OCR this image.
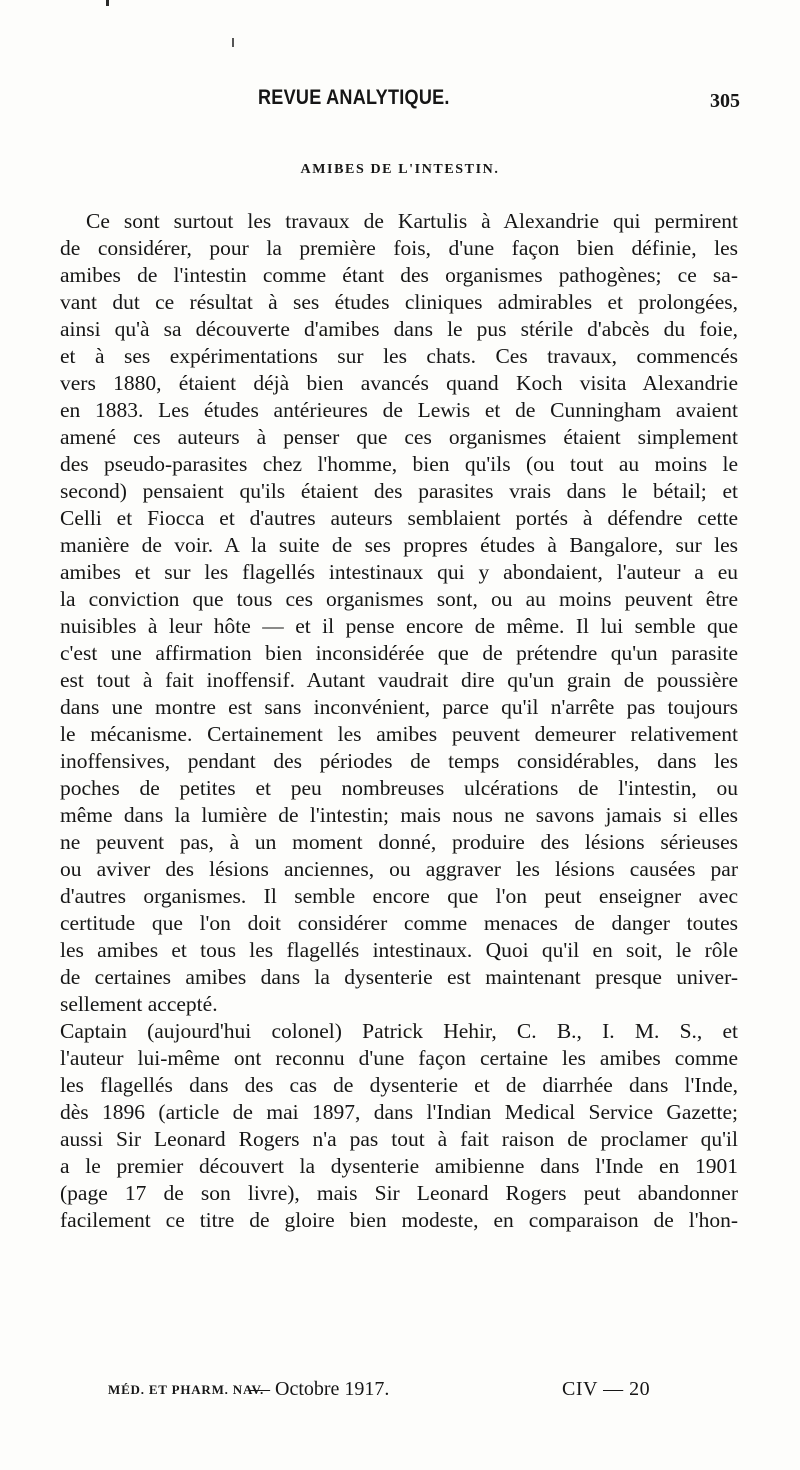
REVUE ANALYTIQUE.	305
AMIBES DE L'INTESTIN.

Ce sont surtout les travaux de Kartulis à Alexandrie qui permirent
de considérer, pour la première fois, d'une façon bien définie, les
amibes de l'intestin comme étant des organismes pathogènes; ce sa-
vant dut ce résultat à ses études cliniques admirables et prolongées,
ainsi qu'à sa découverte d'amibes dans le pus stérile d'abcès du foie,
et à ses expérimentations sur les chats. Ces travaux, commencés
vers 1880, étaient déjà bien avancés quand Koch visita Alexandrie
en 1883. Les études antérieures de Lewis et de Cunningham avaient
amené ces auteurs à penser que ces organismes étaient simplement
des pseudo-parasites chez l'homme, bien qu'ils (ou tout au moins le
second) pensaient qu'ils étaient des parasites vrais dans le bétail; et
Celli et Fiocca et d'autres auteurs semblaient portés à défendre cette
manière de voir. A la suite de ses propres études à Bangalore, sur les
amibes et sur les flagellés intestinaux qui y abondaient, l'auteur a eu
la conviction que tous ces organismes sont, ou au moins peuvent être
nuisibles à leur hôte — et il pense encore de même. Il lui semble que
c'est une affirmation bien inconsidérée que de prétendre qu'un parasite
est tout à fait inoffensif. Autant vaudrait dire qu'un grain de poussière
dans une montre est sans inconvénient, parce qu'il n'arrête pas toujours
le mécanisme. Certainement les amibes peuvent demeurer relativement
inoffensives, pendant des périodes de temps considérables, dans les
poches de petites et peu nombreuses ulcérations de l'intestin, ou
même dans la lumière de l'intestin; mais nous ne savons jamais si elles
ne peuvent pas, à un moment donné, produire des lésions sérieuses
ou aviver des lésions anciennes, ou aggraver les lésions causées par
d'autres organismes. Il semble encore que l'on peut enseigner avec
certitude que l'on doit considérer comme menaces de danger toutes
les amibes et tous les flagellés intestinaux. Quoi qu'il en soit, le rôle
de certaines amibes dans la dysenterie est maintenant presque univer-
sellement accepté.

Captain (aujourd'hui colonel) Patrick Hehir, C. B., I. M. S., et
l'auteur lui-même ont reconnu d'une façon certaine les amibes comme
les flagellés dans des cas de dysenterie et de diarrhée dans l'Inde,
dès 1896 (article de mai 1897, dans l'Indian Medical Service Gazette;
aussi Sir Leonard Rogers n'a pas tout à fait raison de proclamer qu'il
a le premier découvert la dysenterie amibienne dans l'Inde en 1901
(page 17 de son livre), mais Sir Leonard Rogers peut abandonner
facilement ce titre de gloire bien modeste, en comparaison de l'hon-

MÉD. ET PHARM. NAV.
— Octobre 1917.	CIV — 20
